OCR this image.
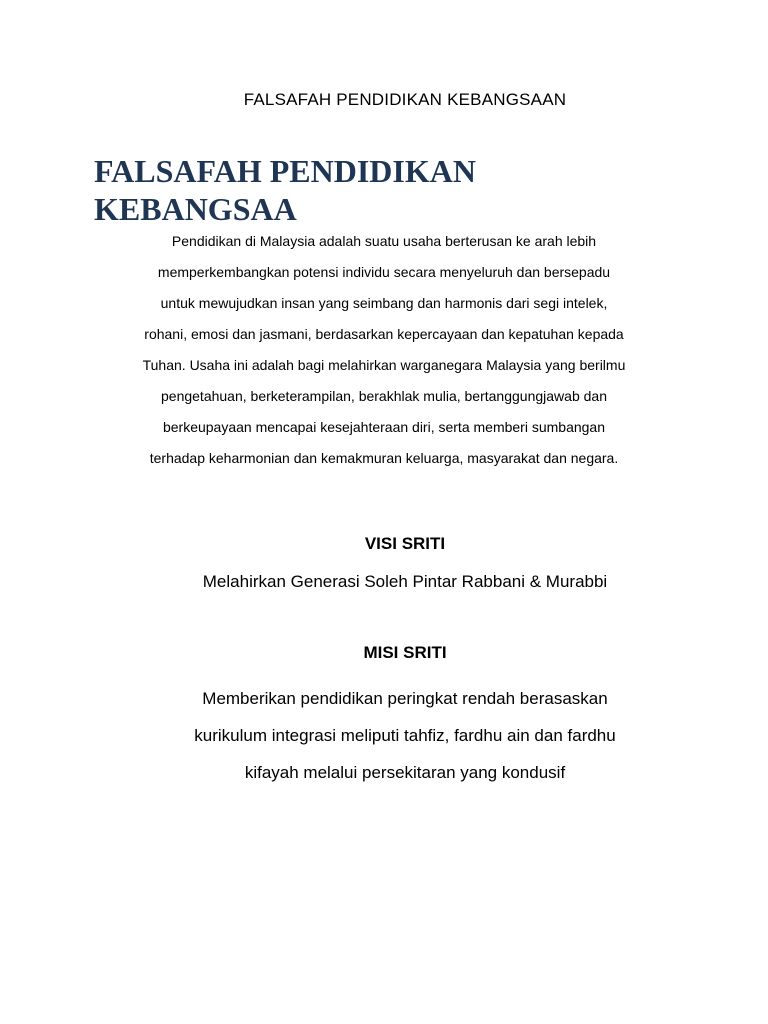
FALSAFAH PENDIDIKAN KEBANGSAAN
FALSAFAH PENDIDIKAN
KEBANGSAA
Pendidikan di Malaysia adalah suatu usaha berterusan ke arah lebih
memperkembangkan potensi individu secara menyeluruh dan bersepadu
untuk mewujudkan insan yang seimbang dan harmonis dari segi intelek,
rohani, emosi dan jasmani, berdasarkan kepercayaan dan kepatuhan kepada
Tuhan. Usaha ini adalah bagi melahirkan warganegara Malaysia yang berilmu
pengetahuan, berketerampilan, berakhlak mulia, bertanggungjawab dan
berkeupayaan mencapai kesejahteraan diri, serta memberi sumbangan
terhadap keharmonian dan kemakmuran keluarga, masyarakat dan negara.
VISI SRITI
Melahirkan Generasi Soleh Pintar Rabbani & Murabbi
MISI SRITI
Memberikan pendidikan peringkat rendah berasaskan
kurikulum integrasi meliputi tahfiz, fardhu ain dan fardhu
kifayah melalui persekitaran yang kondusif
